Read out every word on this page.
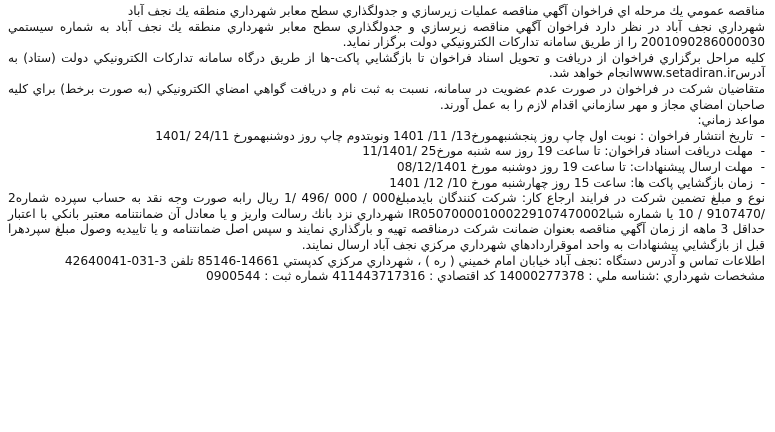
مناقصه عمومي يك مرحله اي فراخوان آگهي مناقصه عمليات زيرسازي و جدولگذاري سطح معابر شهرداري منطقه يك نجف آباد

شهرداري نجف آباد در نظر دارد فراخوان آگهي مناقصه زيرسازي و جدولگذاري سطح معابر شهرداري منطقه يك نجف آباد به شماره سيستمي 2001090286000030 را از طريق سامانه تداركات الكترونيكي دولت برگزار نمايد.

كليه مراحل برگزاري فراخوان از دريافت و تحويل اسناد فراخوان تا بازگشايي پاكت-ها از طريق درگاه سامانه تداركات الكترونيكي دولت (ستاد) به آدرسwww.setadiran.irانجام خواهد شد.

متقاضيان شركت در فراخوان در صورت عدم عضويت در سامانه، نسبت به ثبت نام و دريافت گواهي امضاي الكترونيكي (به صورت برخط) براي كليه صاحبان امضاي مجاز و مهر سازماني اقدام لازم را به عمل آورند.

مواعد زماني:
- تاريخ انتشار فراخوان : نوبت اول چاپ روز پنجشنبهمورخ13/ 11/ 1401 ونوبتدوم چاپ روز دوشنبهمورخ 24/11 /1401
- مهلت دريافت اسناد فراخوان: تا ساعت 19 روز سه شنبه مورخ25 /11/1401
- مهلت ارسال پيشنهادات: تا ساعت 19 روز دوشنبه مورخ 08/12/1401
- زمان بازگشايي پاكت ها: ساعت 15 روز چهارشنبه مورخ 10/ 12/ 1401

نوع و مبلغ تضمين شركت در فرايند ارجاع كار: شركت كنندگان بايدمبلغ000 / 000 /496 /1 ريال رابه صورت وجه نقد به حساب سپرده شماره2 /9107470 / 10 يا شماره شباIR050700001000229107470002 شهرداري نزد بانك رسالت واريز و يا معادل آن ضمانتنامه معتبر بانكي با اعتبار حداقل 3 ماهه از زمان آگهي مناقصه بعنوان ضمانت شركت درمناقصه تهيه و بارگذاري نمايند و سپس اصل ضمانتنامه و يا تاييديه وصول مبلغ سپردهرا قبل از بازگشايي پيشنهادات به واحد اموقراردادهاي شهرداري مركزي نجف آباد ارسال نمايند.

اطلاعات تماس و آدرس دستگاه :نجف آباد خيابان امام خميني ( ره ) ، شهرداري مركزي كدپستي 14661-85146 تلفن 3-031-42640041

مشخصات شهرداري :شناسه ملي : 14000277378 كد اقتصادي : 411443717316 شماره ثبت : 0900544
